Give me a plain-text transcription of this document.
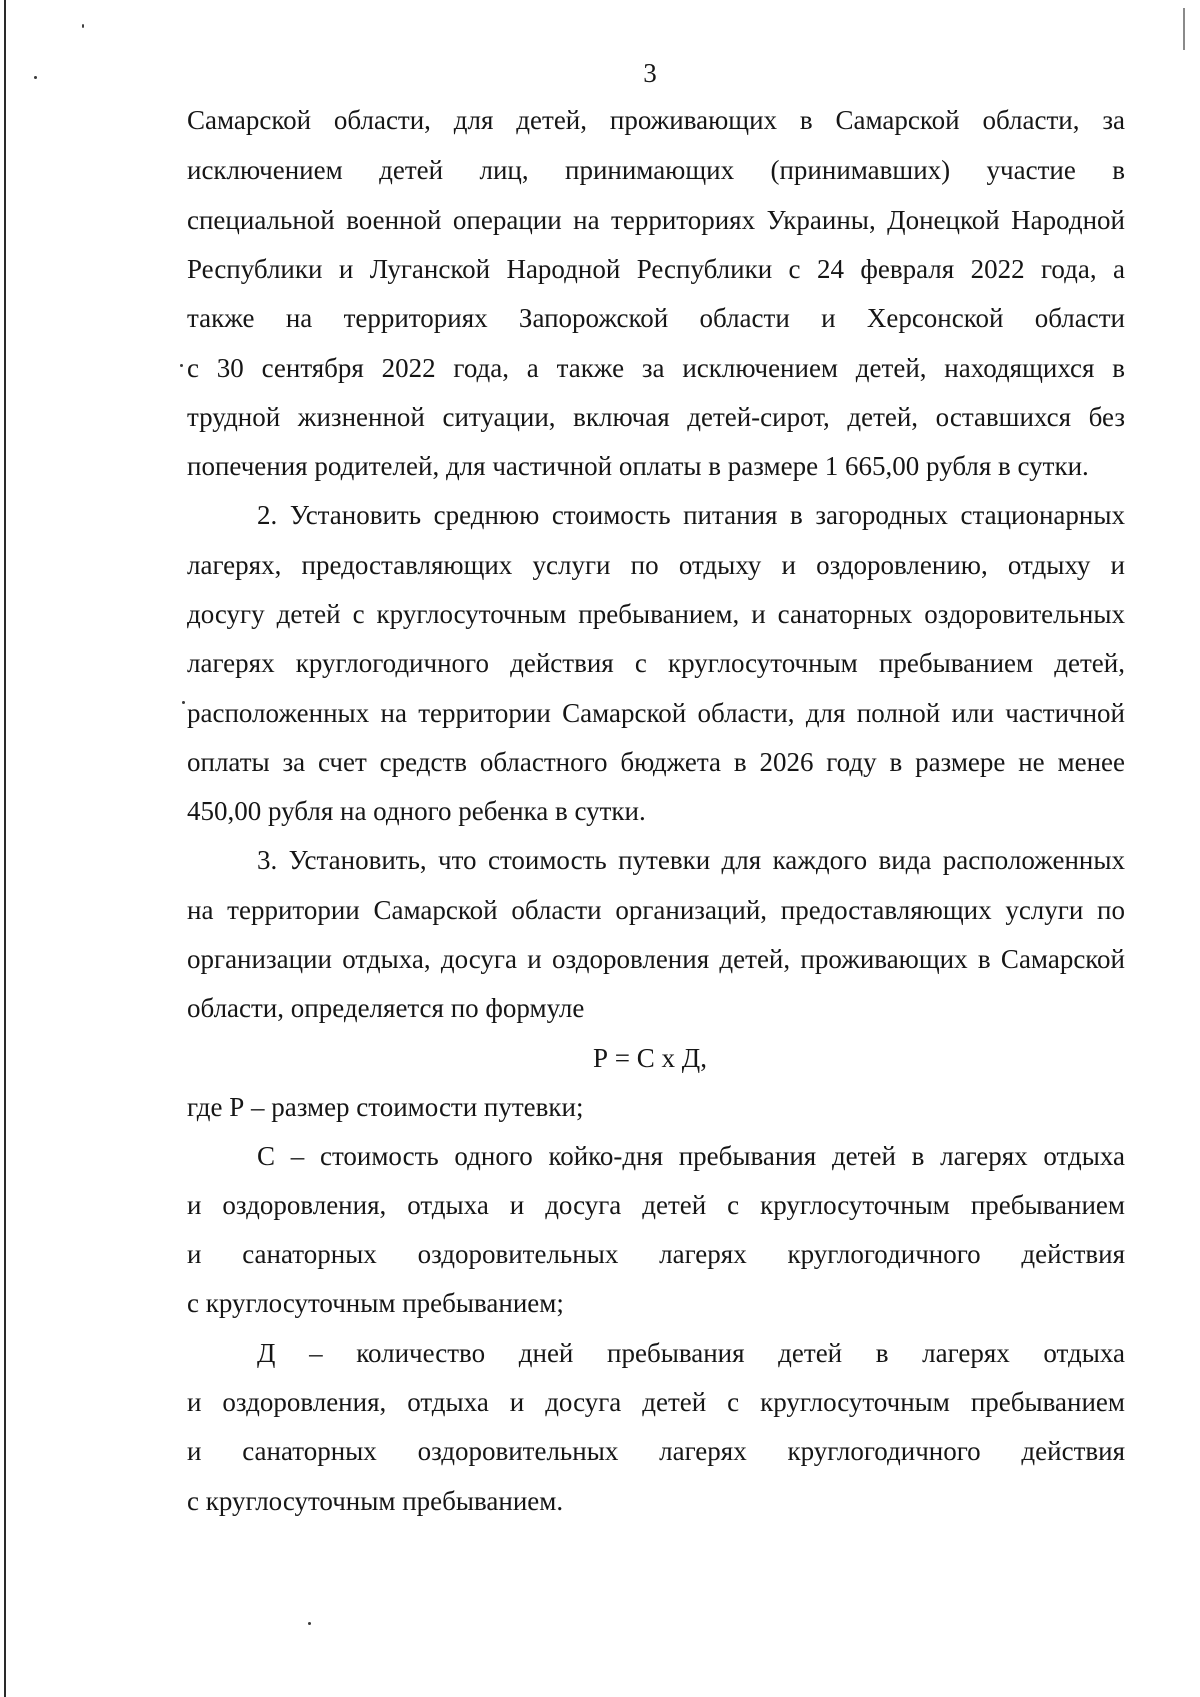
3
Самарской области, для детей, проживающих в Самарской области, за
исключением детей лиц, принимающих (принимавших) участие в
специальной военной операции на территориях Украины, Донецкой Народной
Республики и Луганской Народной Республики с 24 февраля 2022 года, а
также на территориях Запорожской области и Херсонской области
с 30 сентября 2022 года, а также за исключением детей, находящихся в
трудной жизненной ситуации, включая детей-сирот, детей, оставшихся без
попечения родителей, для частичной оплаты в размере 1 665,00 рубля в сутки.
2. Установить среднюю стоимость питания в загородных стационарных
лагерях, предоставляющих услуги по отдыху и оздоровлению, отдыху и
досугу детей с круглосуточным пребыванием, и санаторных оздоровительных
лагерях круглогодичного действия с круглосуточным пребыванием детей,
расположенных на территории Самарской области, для полной или частичной
оплаты за счет средств областного бюджета в 2026 году в размере не менее
450,00 рубля на одного ребенка в сутки.
3. Установить, что стоимость путевки для каждого вида расположенных
на территории Самарской области организаций, предоставляющих услуги по
организации отдыха, досуга и оздоровления детей, проживающих в Самарской
области, определяется по формуле
Р = С х Д,
где Р – размер стоимости путевки;
С – стоимость одного койко-дня пребывания детей в лагерях отдыха
и оздоровления, отдыха и досуга детей с круглосуточным пребыванием
и санаторных оздоровительных лагерях круглогодичного действия
с круглосуточным пребыванием;
Д – количество дней пребывания детей в лагерях отдыха
и оздоровления, отдыха и досуга детей с круглосуточным пребыванием
и санаторных оздоровительных лагерях круглогодичного действия
с круглосуточным пребыванием.
